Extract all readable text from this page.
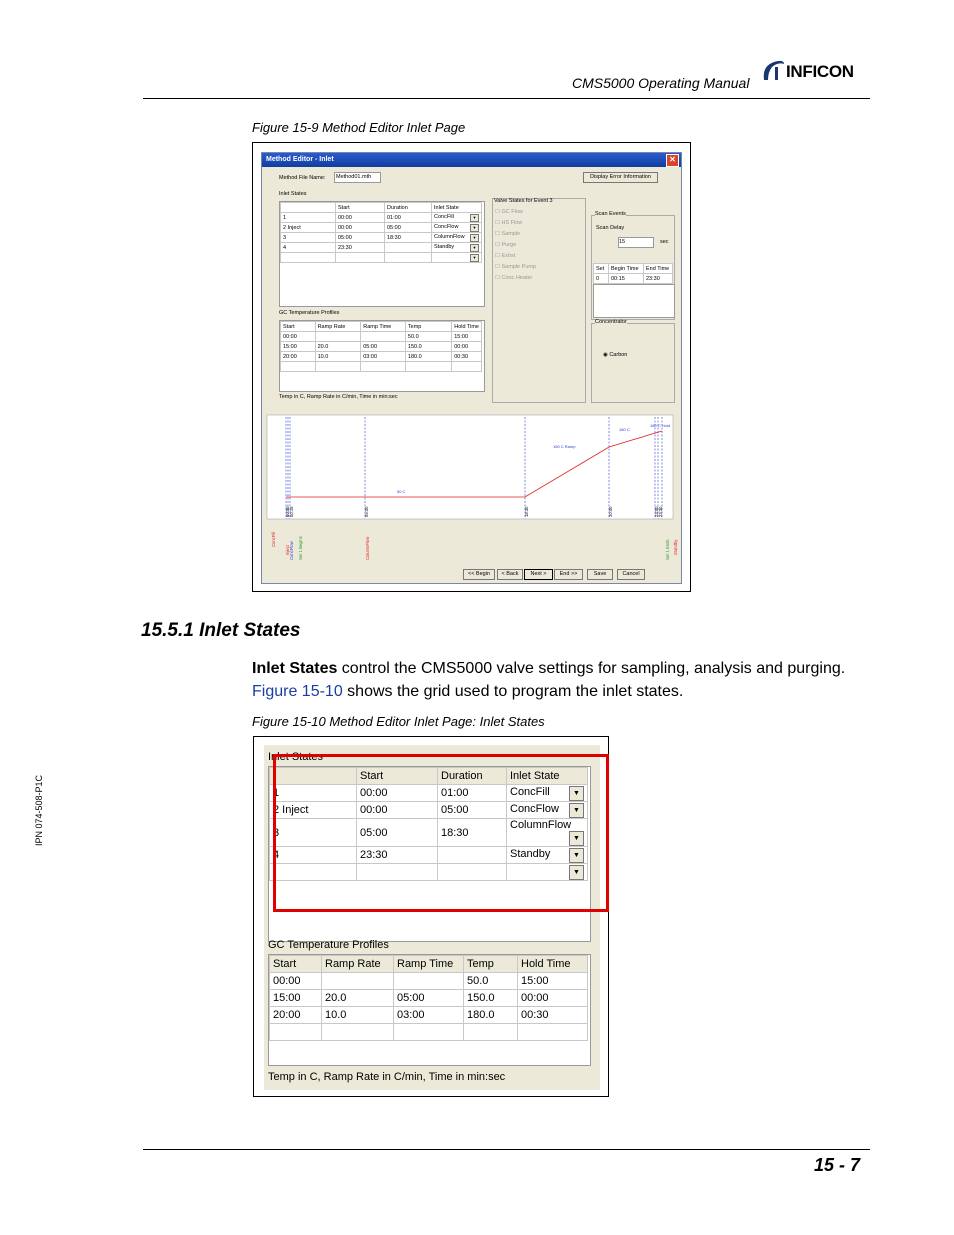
CMS5000 Operating Manual
INFICON
Figure 15-9 Method Editor Inlet Page
Method Editor - Inlet	✕
Method File Name:	Method01.mth	Display Error Information
Inlet States
	Start	Duration	Inlet State
1	00:00	01:00	ConcFill ▼

2 Inject	00:00	05:00	ConcFlow ▼

3	05:00	18:30	ColumnFlow ▼

4	23:30		Standby ▼

			▼
Valve States for Event 3
☐ GC Flow
☐ HS Flow
☐ Sample
☐ Purge
☐ Exhst
☐ Sample Pump
☐ Conc Heater
Scan Events
Scan Delay
15	sec
Set	Begin Time	End Time
0	00:15	23:30
Concentrator
◉ Carbon
GC Temperature Profiles
Start	Ramp Rate	Ramp Time	Temp	Hold Time
00:00			50.0	15:00
15:00	20.0	05:00	150.0	00:00
20:00	10.0	03:00	180.0	00:30

Temp in C, Ramp Rate in C/min, Time in min:sec
50 C
150 C Ramp
180 C
180 C Hold
00:00 00:15	05:00	18:30	20:00	23:00 23:30
ConcFill
Inject ConcFlow Set 1 Begins	ColumnFlow	Set 1 Ends Standby
<< Begin	< Back	Next >	End >>	Save	Cancel
15.5.1 Inlet States
Inlet States control the CMS5000 valve settings for sampling, analysis and purging. Figure 15-10 shows the grid used to program the inlet states.
Figure 15-10 Method Editor Inlet Page: Inlet States
Inlet States
	Start	Duration	Inlet State
1	00:00	01:00	ConcFill ▼

2 Inject	00:00	05:00	ConcFlow ▼

3	05:00	18:30	ColumnFlow
▼

4	23:30		Standby ▼

			▼
GC Temperature Profiles
Start	Ramp Rate	Ramp Time	Temp	Hold Time
00:00			50.0	15:00
15:00	20.0	05:00	150.0	00:00
20:00	10.0	03:00	180.0	00:30

Temp in C, Ramp Rate in C/min, Time in min:sec
IPN 074-508-P1C
15 - 7
